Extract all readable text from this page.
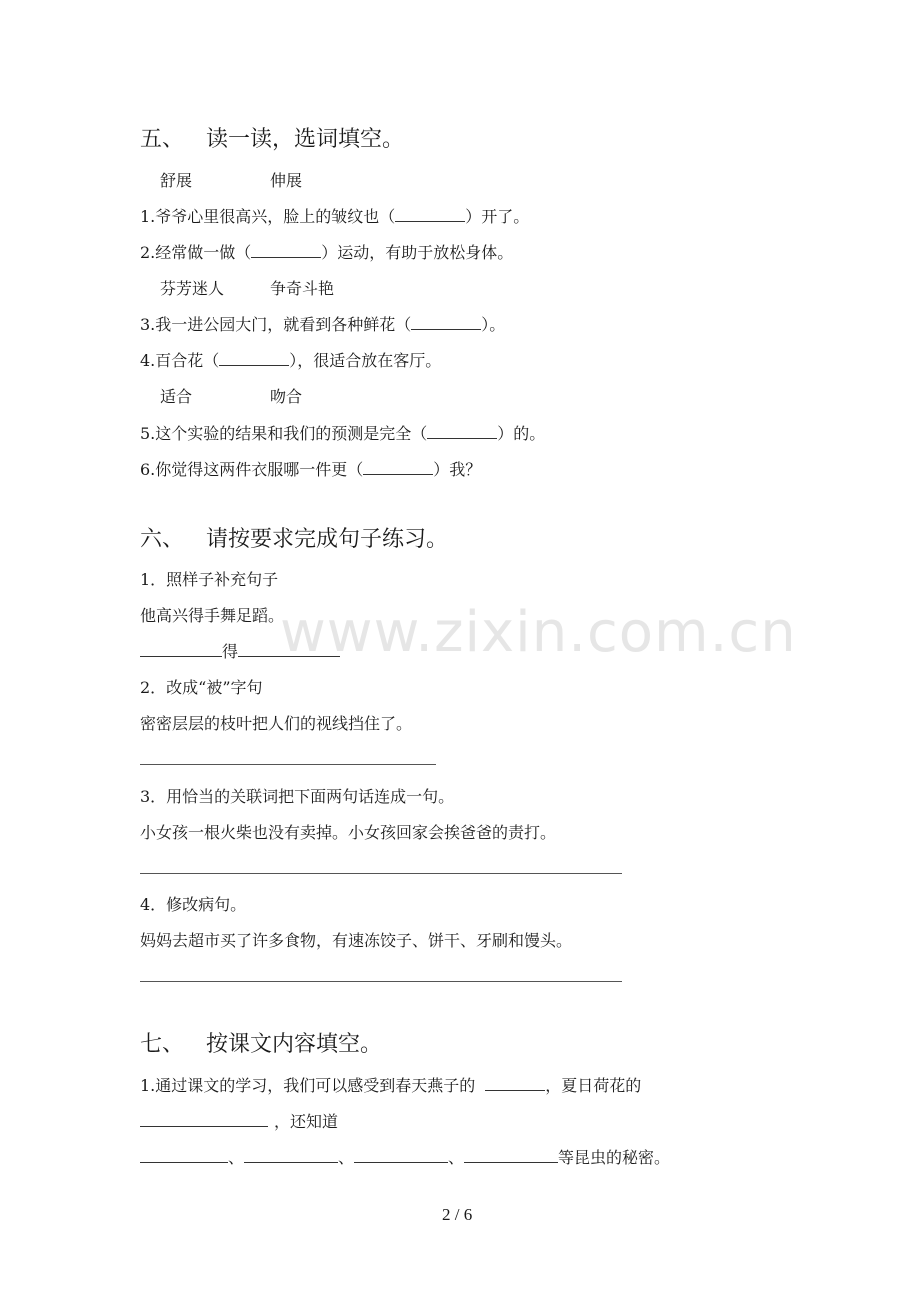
www.zixin.com.cn
五、 读一读，选词填空。
舒展	伸展
1.爷爷心里很高兴，脸上的皱纹也（	）开了。
2.经常做一做（	）运动，有助于放松身体。
芬芳迷人	争奇斗艳
3.我一进公园大门，就看到各种鲜花（	）。
4.百合花（	），很适合放在客厅。
适合	吻合
5.这个实验的结果和我们的预测是完全（	）的。
6.你觉得这两件衣服哪一件更（	）我？
六、 请按要求完成句子练习。
1．照样子补充句子
他高兴得手舞足蹈。
得
2．改成“被”字句
密密层层的枝叶把人们的视线挡住了。
3．用恰当的关联词把下面两句话连成一句。
小女孩一根火柴也没有卖掉。小女孩回家会挨爸爸的责打。
4．修改病句。
妈妈去超市买了许多食物，有速冻饺子、饼干、牙刷和馒头。
七、 按课文内容填空。
1.通过课文的学习，我们可以感受到春天燕子的	，夏日荷花的
，还知道
、	、	、	等昆虫的秘密。
2 / 6
